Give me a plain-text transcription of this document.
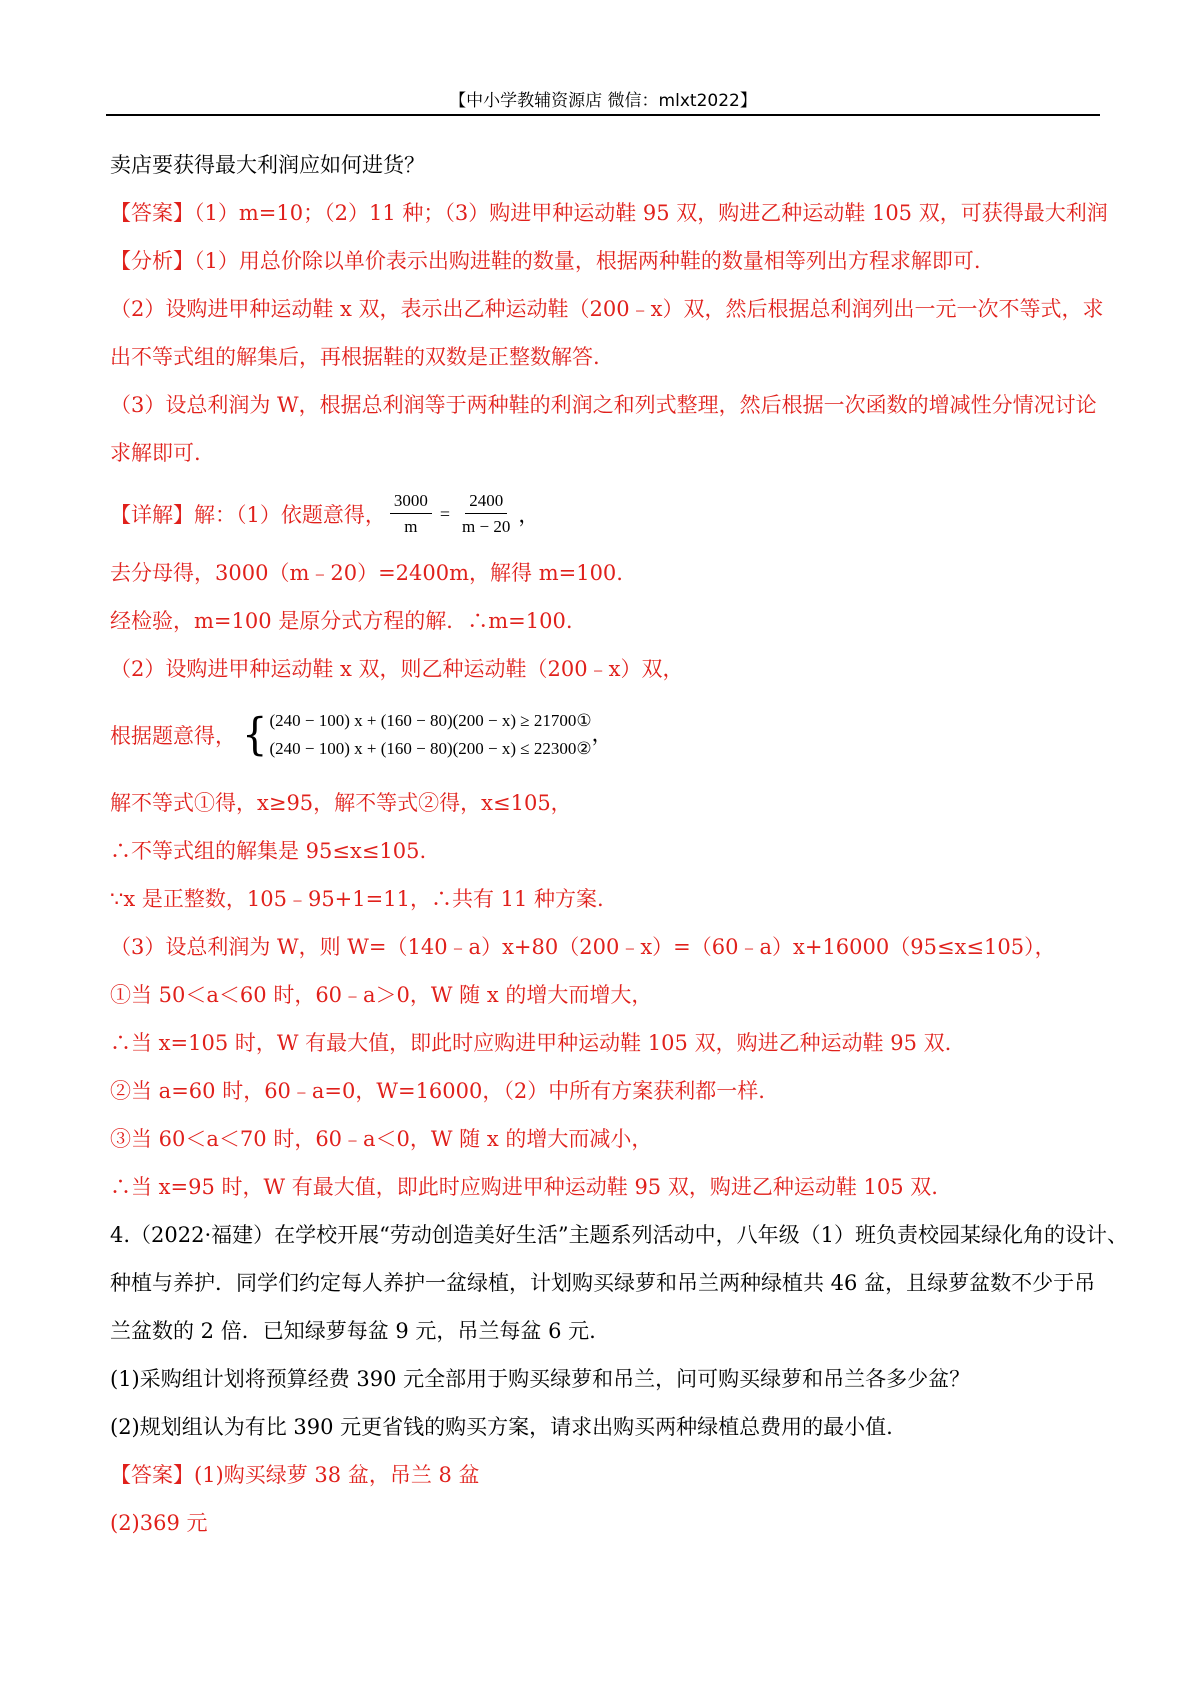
【中小学教辅资源店 微信：mlxt2022】
卖店要获得最大利润应如何进货？
【答案】（1）m=10；（2）11 种；（3）购进甲种运动鞋 95 双，购进乙种运动鞋 105 双，可获得最大利润
【分析】（1）用总价除以单价表示出购进鞋的数量，根据两种鞋的数量相等列出方程求解即可.
（2）设购进甲种运动鞋 x 双，表示出乙种运动鞋（200﹣x）双，然后根据总利润列出一元一次不等式，求
出不等式组的解集后，再根据鞋的双数是正整数解答.
（3）设总利润为 W，根据总利润等于两种鞋的利润之和列式整理，然后根据一次函数的增减性分情况讨论
求解即可.
【详解】 解：（1）依题意得， $\frac{3000}{m} = \frac{2400}{m - 20}$ ，
去分母得，3000（m﹣20）=2400m，解得 m=100.
经检验，m=100 是原分式方程的解．∴m=100.
（2）设购进甲种运动鞋 x 双，则乙种运动鞋（200﹣x）双，
根据题意得， { (240 − 100) x + (160 − 80)(200 − x) ≥ 21700①
(240 − 100) x + (160 − 80)(200 − x) ≤ 22300②
，
解不等式①得，x≥95，解不等式②得，x≤105，
∴不等式组的解集是 95≤x≤105.
∵x 是正整数，105﹣95+1=11，∴共有 11 种方案.
（3）设总利润为 W，则 W=（140﹣a）x+80（200﹣x）=（60﹣a）x+16000（95≤x≤105），
①当 50＜a＜60 时，60﹣a＞0，W 随 x 的增大而增大，
∴当 x=105 时，W 有最大值，即此时应购进甲种运动鞋 105 双，购进乙种运动鞋 95 双.
②当 a=60 时，60﹣a=0，W=16000，（2）中所有方案获利都一样.
③当 60＜a＜70 时，60﹣a＜0，W 随 x 的增大而减小，
∴当 x=95 时，W 有最大值，即此时应购进甲种运动鞋 95 双，购进乙种运动鞋 105 双.
4.（2022·福建）在学校开展“劳动创造美好生活”主题系列活动中，八年级（1）班负责校园某绿化角的设计、
种植与养护．同学们约定每人养护一盆绿植，计划购买绿萝和吊兰两种绿植共 46 盆，且绿萝盆数不少于吊
兰盆数的 2 倍．已知绿萝每盆 9 元，吊兰每盆 6 元.
(1)采购组计划将预算经费 390 元全部用于购买绿萝和吊兰，问可购买绿萝和吊兰各多少盆？
(2)规划组认为有比 390 元更省钱的购买方案，请求出购买两种绿植总费用的最小值.
【答案】(1)购买绿萝 38 盆，吊兰 8 盆
(2)369 元
